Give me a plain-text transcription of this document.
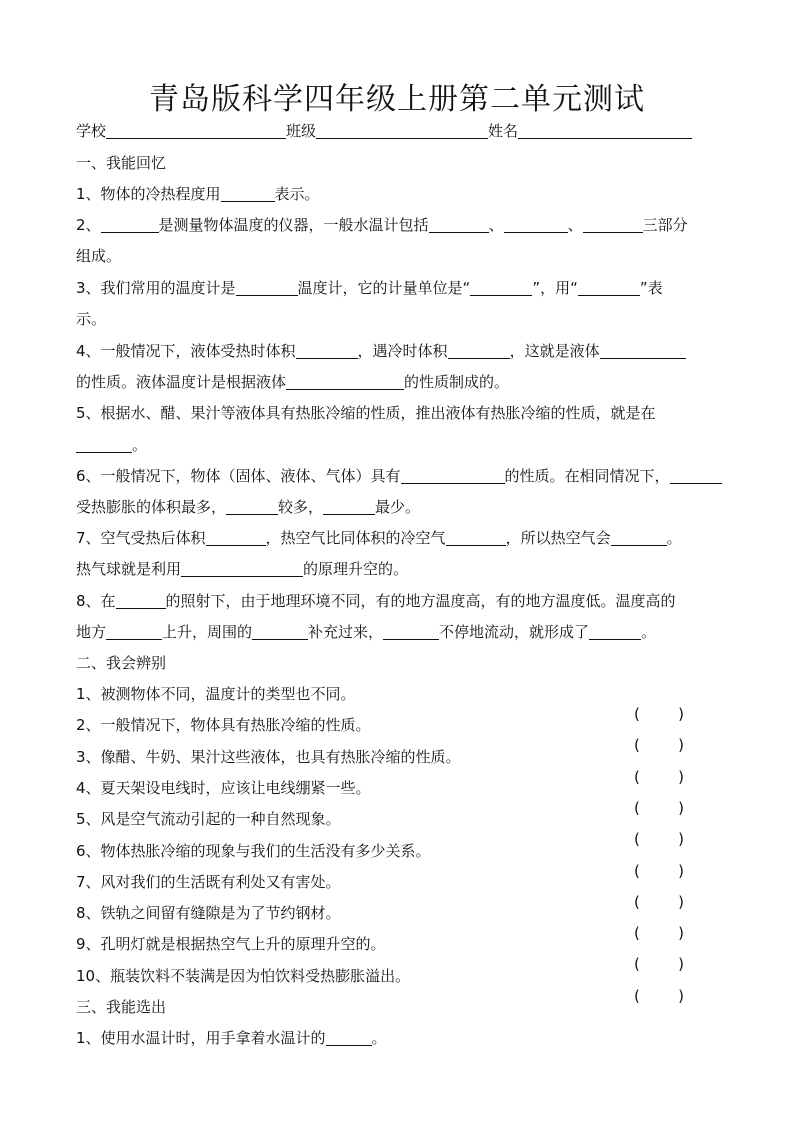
青岛版科学四年级上册第二单元测试
学校	班级	姓名
一、我能回忆
1、物体的冷热程度用	表示。
2、	是测量物体温度的仪器，一般水温计包括	、	、	三部分
组成。
3、我们常用的温度计是	温度计，它的计量单位是“	”，用“	”表
示。
4、一般情况下，液体受热时体积	，遇冷时体积	，这就是液体
的性质。液体温度计是根据液体	的性质制成的。
5、根据水、醋、果汁等液体具有热胀冷缩的性质，推出液体有热胀冷缩的性质，就是在
。
6、一般情况下，物体（固体、液体、气体）具有	的性质。在相同情况下，
受热膨胀的体积最多，	较多，	最少。
7、空气受热后体积	，热空气比同体积的冷空气	，所以热空气会	。
热气球就是利用	的原理升空的。
8、在	的照射下，由于地理环境不同，有的地方温度高，有的地方温度低。温度高的
地方	上升，周围的	补充过来，	不停地流动，就形成了	。
二、我会辨别
1、被测物体不同，温度计的类型也不同。
(	)
2、一般情况下，物体具有热胀冷缩的性质。
(	)
3、像醋、牛奶、果汁这些液体，也具有热胀冷缩的性质。
(	)
4、夏天架设电线时，应该让电线绷紧一些。
(	)
5、风是空气流动引起的一种自然现象。
(	)
6、物体热胀冷缩的现象与我们的生活没有多少关系。
(	)
7、风对我们的生活既有利处又有害处。
(	)
8、铁轨之间留有缝隙是为了节约钢材。
(	)
9、孔明灯就是根据热空气上升的原理升空的。
(	)
10、瓶装饮料不装满是因为怕饮料受热膨胀溢出。
(	)
三、我能选出
1、使用水温计时，用手拿着水温计的	。
